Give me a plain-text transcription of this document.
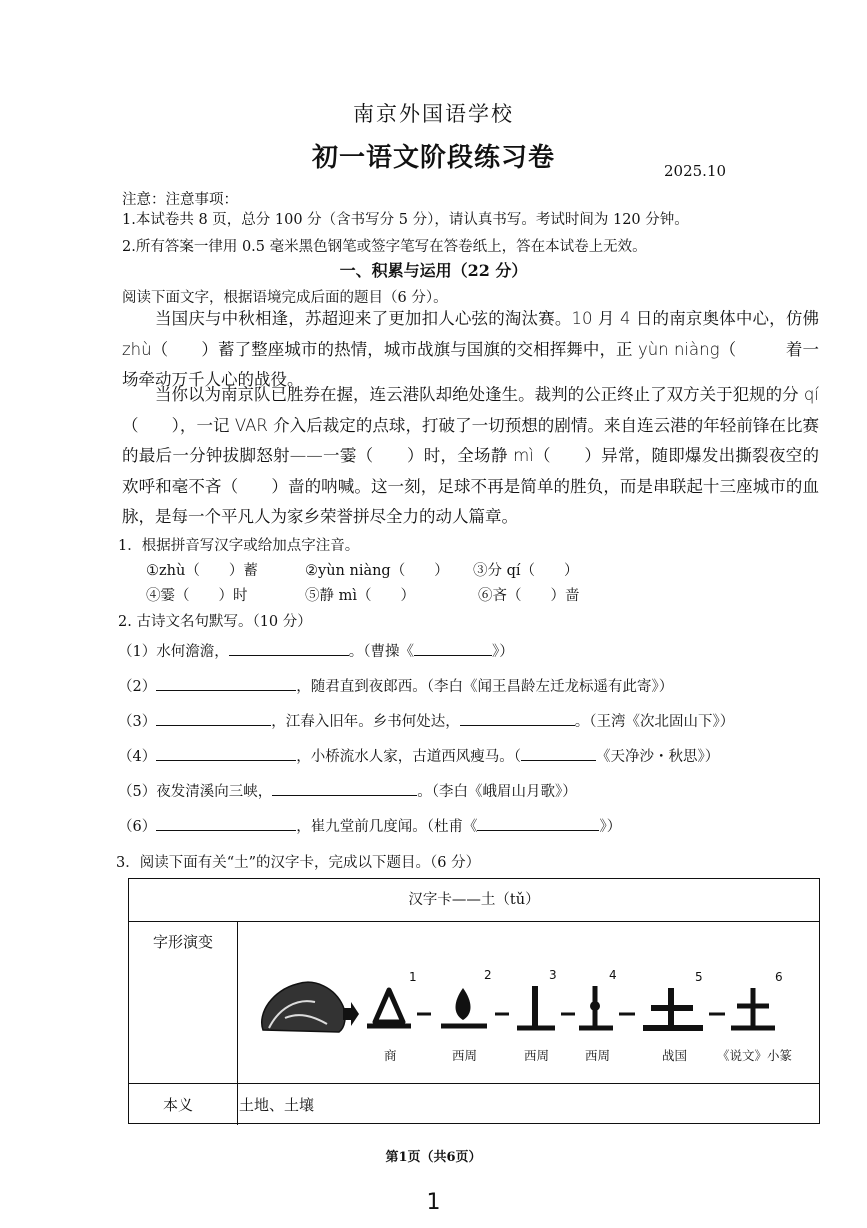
南京外国语学校
初一语文阶段练习卷	2025.10
注意：注意事项：
1.本试卷共 8 页，总分 100 分（含书写分 5 分），请认真书写。考试时间为 120 分钟。
2.所有答案一律用 0.5 毫米黑色钢笔或签字笔写在答卷纸上，答在本试卷上无效。
一、积累与运用（22 分）
阅读下面文字，根据语境完成后面的题目（6 分）。
当国庆与中秋相逢，苏超迎来了更加扣人心弦的淘汰赛。10 月 4 日的南京奥体中心，仿佛 zhù（　　）蓄了整座城市的热情，城市战旗与国旗的交相挥舞中，正 yùn niàng（　　　着一场牵动万千人心的战役。
当你以为南京队已胜券在握，连云港队却绝处逢生。裁判的公正终止了双方关于犯规的分 qí（　　），一记 VAR 介入后裁定的点球，打破了一切预想的剧情。来自连云港的年轻前锋在比赛的最后一分钟拔脚怒射——一霎（　　）时，全场静 mì（　　）异常，随即爆发出撕裂夜空的欢呼和毫不吝（　　）啬的呐喊。这一刻，足球不再是简单的胜负，而是串联起十三座城市的血脉，是每一个平凡人为家乡荣誉拼尽全力的动人篇章。
1．根据拼音写汉字或给加点字注音。
①zhù（　　）蓄	②yùn niàng（　　） ③分 qí（　　）
④霎（　　）时	⑤静 mì（　　）	⑥吝（　　）啬
2. 古诗文名句默写。（10 分）
（1）水何澹澹，	。（曹操《	》）
（2）	，随君直到夜郎西。（李白《闻王昌龄左迁龙标遥有此寄》）
（3）	，江春入旧年。乡书何处达，	。（王湾《次北固山下》）
（4）	，小桥流水人家，古道西风瘦马。（	《天净沙・秋思》）
（5）夜发清溪向三峡，	。（李白《峨眉山月歌》）
（6）	，崔九堂前几度闻。（杜甫《	》）
3．阅读下面有关“土”的汉字卡，完成以下题目。（6 分）
汉字卡——土（tǔ）
字形演变
本义	土地、土壤
1	2	3	4	5	6
商	西周	西周	西周	战国 《说文》小篆
第1页（共6页）
1
